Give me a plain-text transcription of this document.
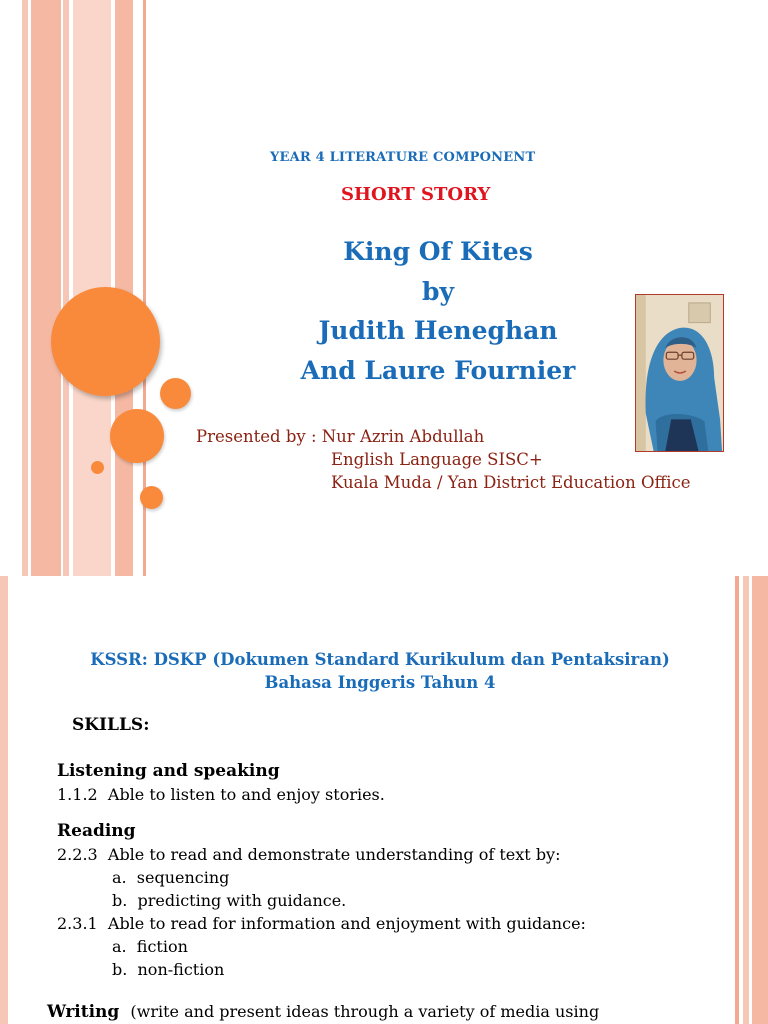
YEAR 4 LITERATURE COMPONENT
SHORT STORY
King Of Kites
by
Judith Heneghan
And Laure Fournier
Presented by : Nur Azrin Abdullah
English Language SISC+
Kuala Muda / Yan District Education Office
KSSR: DSKP (Dokumen Standard Kurikulum dan Pentaksiran)
Bahasa Inggeris Tahun 4
SKILLS:
Listening and speaking
1.1.2  Able to listen to and enjoy stories.
Reading
2.2.3  Able to read and demonstrate understanding of text by:
a.  sequencing
b.  predicting with guidance.
2.3.1  Able to read for information and enjoyment with guidance:
a.  fiction
b.  non-fiction
Writing (write and present ideas through a variety of media using
